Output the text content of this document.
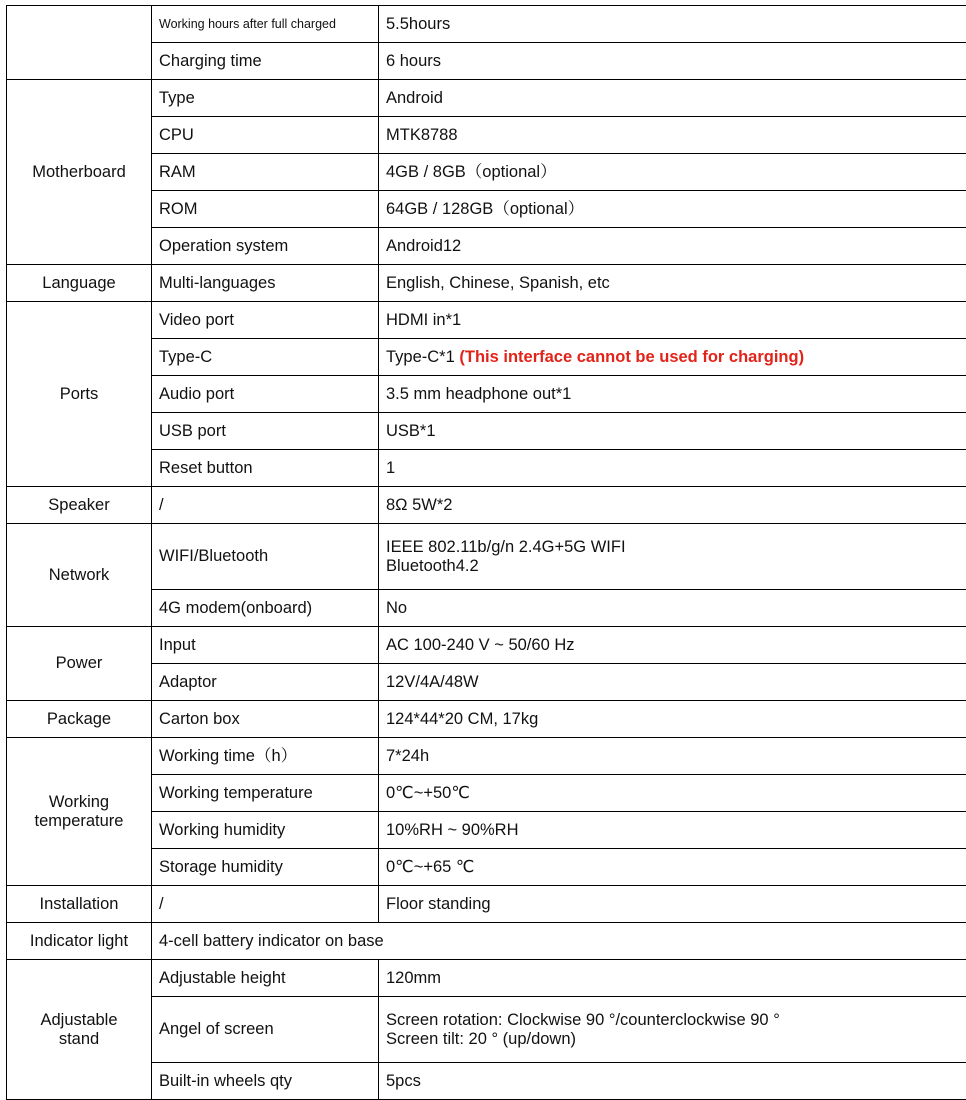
	Working hours after full charged	5.5hours
	Charging time	6 hours
Motherboard	Type	Android
	CPU	MTK8788
	RAM	4GB / 8GB（optional）
	ROM	64GB / 128GB（optional）
	Operation system	Android12
Language	Multi-languages	English, Chinese, Spanish, etc
Ports	Video port	HDMI in*1
	Type-C	Type-C*1 (This interface cannot be used for charging)
	Audio port	3.5 mm headphone out*1
	USB port	USB*1
	Reset button	1
Speaker	/	8Ω 5W*2
Network	WIFI/Bluetooth	IEEE 802.11b/g/n 2.4G+5G WIFI
Bluetooth4.2

	4G modem(onboard)	No
Power	Input	AC 100-240 V ~ 50/60 Hz
	Adaptor	12V/4A/48W
Package	Carton box	124*44*20 CM, 17kg

Working
temperature	Working time（h）	7*24h
	Working temperature	0℃~+50℃
	Working humidity	10%RH ~ 90%RH
	Storage humidity	0℃~+65 ℃
Installation	/	Floor standing
Indicator light	4-cell battery indicator on base	

Adjustable
stand	Adjustable height	120mm
	Angel of screen	Screen rotation: Clockwise 90 °/counterclockwise 90 °
Screen tilt: 20 ° (up/down)

	Built-in wheels qty	5pcs
